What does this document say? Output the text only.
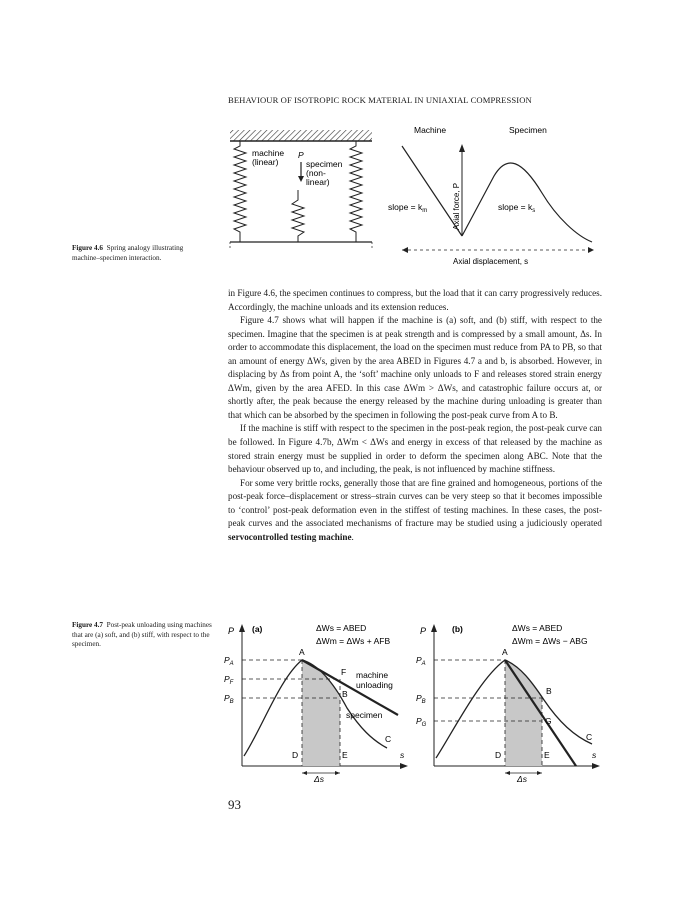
BEHAVIOUR OF ISOTROPIC ROCK MATERIAL IN UNIAXIAL COMPRESSION
machine
(linear)
P
specimen
(non-
linear)
Machine	Specimen
Axial force, P
slope = $k_m$	slope = $k_s$
Axial displacement, s
Figure 4.6 Spring analogy illustrating machine–specimen interaction.

in Figure 4.6, the specimen continues to compress, but the load that it can carry progressively reduces. Accordingly, the machine unloads and its extension reduces.

Figure 4.7 shows what will happen if the machine is (a) soft, and (b) stiff, with respect to the specimen. Imagine that the specimen is at peak strength and is compressed by a small amount, Δs. In order to accommodate this displacement, the load on the specimen must reduce from PA to PB, so that an amount of energy ΔWs, given by the area ABED in Figures 4.7 a and b, is absorbed. However, in displacing by Δs from point A, the ‘soft’ machine only unloads to F and releases stored strain energy ΔWm, given by the area AFED. In this case ΔWm > ΔWs, and catastrophic failure occurs at, or shortly after, the peak because the energy released by the machine during unloading is greater than that which can be absorbed by the specimen in following the post-peak curve from A to B.

If the machine is stiff with respect to the specimen in the post-peak region, the post-peak curve can be followed. In Figure 4.7b, ΔWm < ΔWs and energy in excess of that released by the machine as stored strain energy must be supplied in order to deform the specimen along ABC. Note that the behaviour observed up to, and including, the peak, is not influenced by machine stiffness.

For some very brittle rocks, generally those that are fine grained and homogeneous, portions of the post-peak force–displacement or stress–strain curves can be very steep so that it becomes impossible to ‘control’ post-peak deformation even in the stiffest of testing machines. In these cases, the post-peak curves and the associated mechanisms of fracture may be studied using a judiciously operated servocontrolled testing machine.

Figure 4.7 Post-peak unloading using machines that are (a) soft, and (b) stiff, with respect to the specimen.
P
s
(a)	ΔWs = ABED
ΔWm = ΔWs + AFB
$P_A$
$P_F$
$P_B$
A
F
B
C
D	E
machine
unloading
specimen
Δs
P
s
(b)	ΔWs = ABED
ΔWm = ΔWs − ABG
$P_A$
$P_B$
$P_G$
A
B
G
C
D	E
Δs
93
